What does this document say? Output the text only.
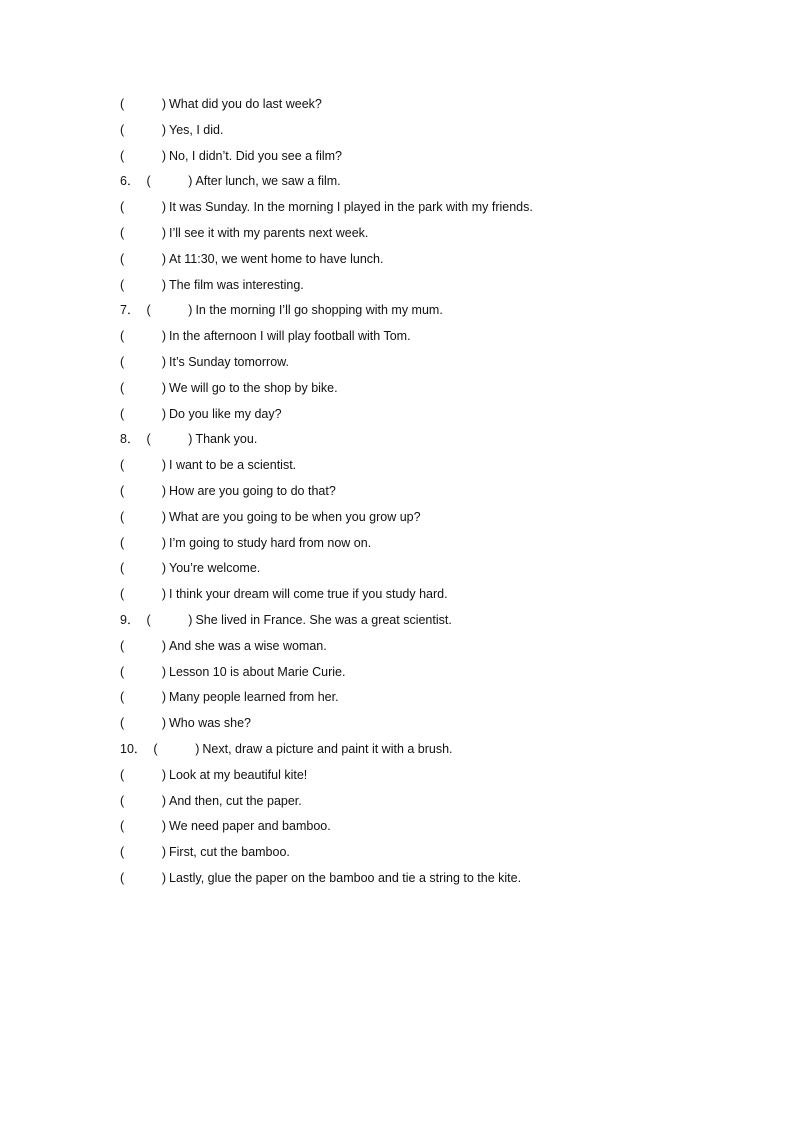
(	) What did you do last week?
(	) Yes, I did.
(	) No, I didn’t. Did you see a film?
6． (	) After lunch, we saw a film.
(	) It was Sunday. In the morning I played in the park with my friends.
(	) I’ll see it with my parents next week.
(	) At 11:30, we went home to have lunch.
(	) The film was interesting.
7． (	) In the morning I’ll go shopping with my mum.
(	) In the afternoon I will play football with Tom.
(	) It’s Sunday tomorrow.
(	) We will go to the shop by bike.
(	) Do you like my day?
8． (	) Thank you.
(	) I want to be a scientist.
(	) How are you going to do that?
(	) What are you going to be when you grow up?
(	) I’m going to study hard from now on.
(	) You’re welcome.
(	) I think your dream will come true if you study hard.
9． (	) She lived in France. She was a great scientist.
(	) And she was a wise woman.
(	) Lesson 10 is about Marie Curie.
(	) Many people learned from her.
(	) Who was she?
10． (	) Next, draw a picture and paint it with a brush.
(	) Look at my beautiful kite!
(	) And then, cut the paper.
(	) We need paper and bamboo.
(	) First, cut the bamboo.
(	) Lastly, glue the paper on the bamboo and tie a string to the kite.
